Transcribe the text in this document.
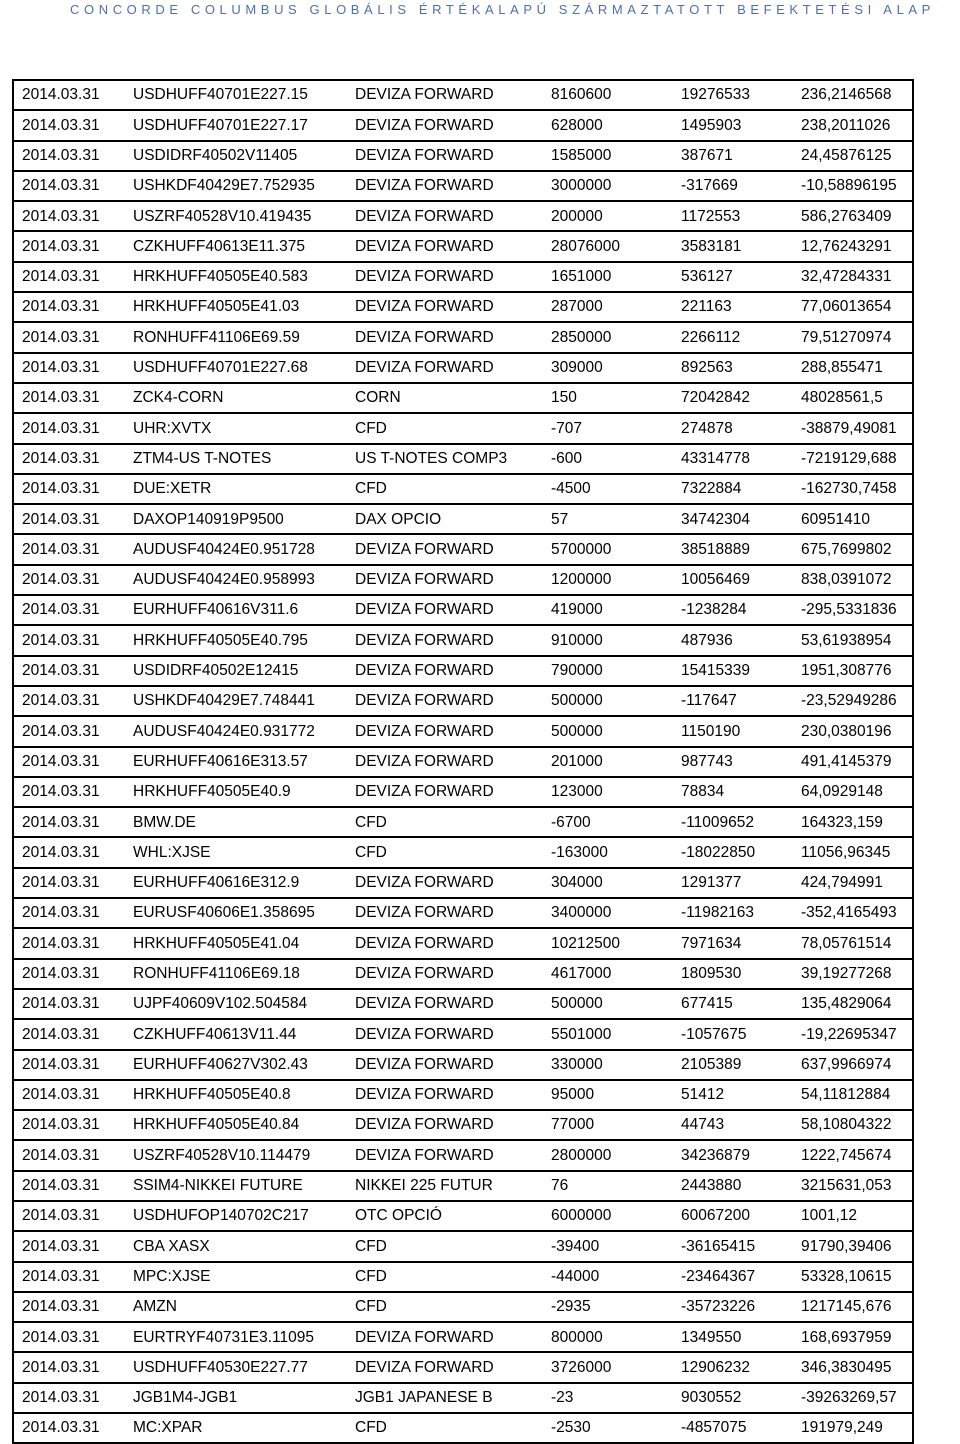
CONCORDE COLUMBUS GLOBÁLIS ÉRTÉKALAPÚ SZÁRMAZTATOTT BEFEKTETÉSI ALAP
2014.03.31	USDHUFF40701E227.15	DEVIZA FORWARD	8160600	19276533	236,2146568
2014.03.31	USDHUFF40701E227.17	DEVIZA FORWARD	628000	1495903	238,2011026
2014.03.31	USDIDRF40502V11405	DEVIZA FORWARD	1585000	387671	24,45876125
2014.03.31	USHKDF40429E7.752935	DEVIZA FORWARD	3000000	-317669	-10,58896195
2014.03.31	USZRF40528V10.419435	DEVIZA FORWARD	200000	1172553	586,2763409
2014.03.31	CZKHUFF40613E11.375	DEVIZA FORWARD	28076000	3583181	12,76243291
2014.03.31	HRKHUFF40505E40.583	DEVIZA FORWARD	1651000	536127	32,47284331
2014.03.31	HRKHUFF40505E41.03	DEVIZA FORWARD	287000	221163	77,06013654
2014.03.31	RONHUFF41106E69.59	DEVIZA FORWARD	2850000	2266112	79,51270974
2014.03.31	USDHUFF40701E227.68	DEVIZA FORWARD	309000	892563	288,855471
2014.03.31	ZCK4-CORN	CORN	150	72042842	48028561,5
2014.03.31	UHR:XVTX	CFD	-707	274878	-38879,49081
2014.03.31	ZTM4-US T-NOTES	US T-NOTES COMP3	-600	43314778	-7219129,688
2014.03.31	DUE:XETR	CFD	-4500	7322884	-162730,7458
2014.03.31	DAXOP140919P9500	DAX OPCIO	57	34742304	60951410
2014.03.31	AUDUSF40424E0.951728	DEVIZA FORWARD	5700000	38518889	675,7699802
2014.03.31	AUDUSF40424E0.958993	DEVIZA FORWARD	1200000	10056469	838,0391072
2014.03.31	EURHUFF40616V311.6	DEVIZA FORWARD	419000	-1238284	-295,5331836
2014.03.31	HRKHUFF40505E40.795	DEVIZA FORWARD	910000	487936	53,61938954
2014.03.31	USDIDRF40502E12415	DEVIZA FORWARD	790000	15415339	1951,308776
2014.03.31	USHKDF40429E7.748441	DEVIZA FORWARD	500000	-117647	-23,52949286
2014.03.31	AUDUSF40424E0.931772	DEVIZA FORWARD	500000	1150190	230,0380196
2014.03.31	EURHUFF40616E313.57	DEVIZA FORWARD	201000	987743	491,4145379
2014.03.31	HRKHUFF40505E40.9	DEVIZA FORWARD	123000	78834	64,0929148
2014.03.31	BMW.DE	CFD	-6700	-11009652	164323,159
2014.03.31	WHL:XJSE	CFD	-163000	-18022850	11056,96345
2014.03.31	EURHUFF40616E312.9	DEVIZA FORWARD	304000	1291377	424,794991
2014.03.31	EURUSF40606E1.358695	DEVIZA FORWARD	3400000	-11982163	-352,4165493
2014.03.31	HRKHUFF40505E41.04	DEVIZA FORWARD	10212500	7971634	78,05761514
2014.03.31	RONHUFF41106E69.18	DEVIZA FORWARD	4617000	1809530	39,19277268
2014.03.31	UJPF40609V102.504584	DEVIZA FORWARD	500000	677415	135,4829064
2014.03.31	CZKHUFF40613V11.44	DEVIZA FORWARD	5501000	-1057675	-19,22695347
2014.03.31	EURHUFF40627V302.43	DEVIZA FORWARD	330000	2105389	637,9966974
2014.03.31	HRKHUFF40505E40.8	DEVIZA FORWARD	95000	51412	54,11812884
2014.03.31	HRKHUFF40505E40.84	DEVIZA FORWARD	77000	44743	58,10804322
2014.03.31	USZRF40528V10.114479	DEVIZA FORWARD	2800000	34236879	1222,745674
2014.03.31	SSIM4-NIKKEI FUTURE	NIKKEI 225 FUTUR	76	2443880	3215631,053
2014.03.31	USDHUFOP140702C217	OTC OPCIÓ	6000000	60067200	1001,12
2014.03.31	CBA XASX	CFD	-39400	-36165415	91790,39406
2014.03.31	MPC:XJSE	CFD	-44000	-23464367	53328,10615
2014.03.31	AMZN	CFD	-2935	-35723226	1217145,676
2014.03.31	EURTRYF40731E3.11095	DEVIZA FORWARD	800000	1349550	168,6937959
2014.03.31	USDHUFF40530E227.77	DEVIZA FORWARD	3726000	12906232	346,3830495
2014.03.31	JGB1M4-JGB1	JGB1 JAPANESE B	-23	9030552	-39263269,57
2014.03.31	MC:XPAR	CFD	-2530	-4857075	191979,249
